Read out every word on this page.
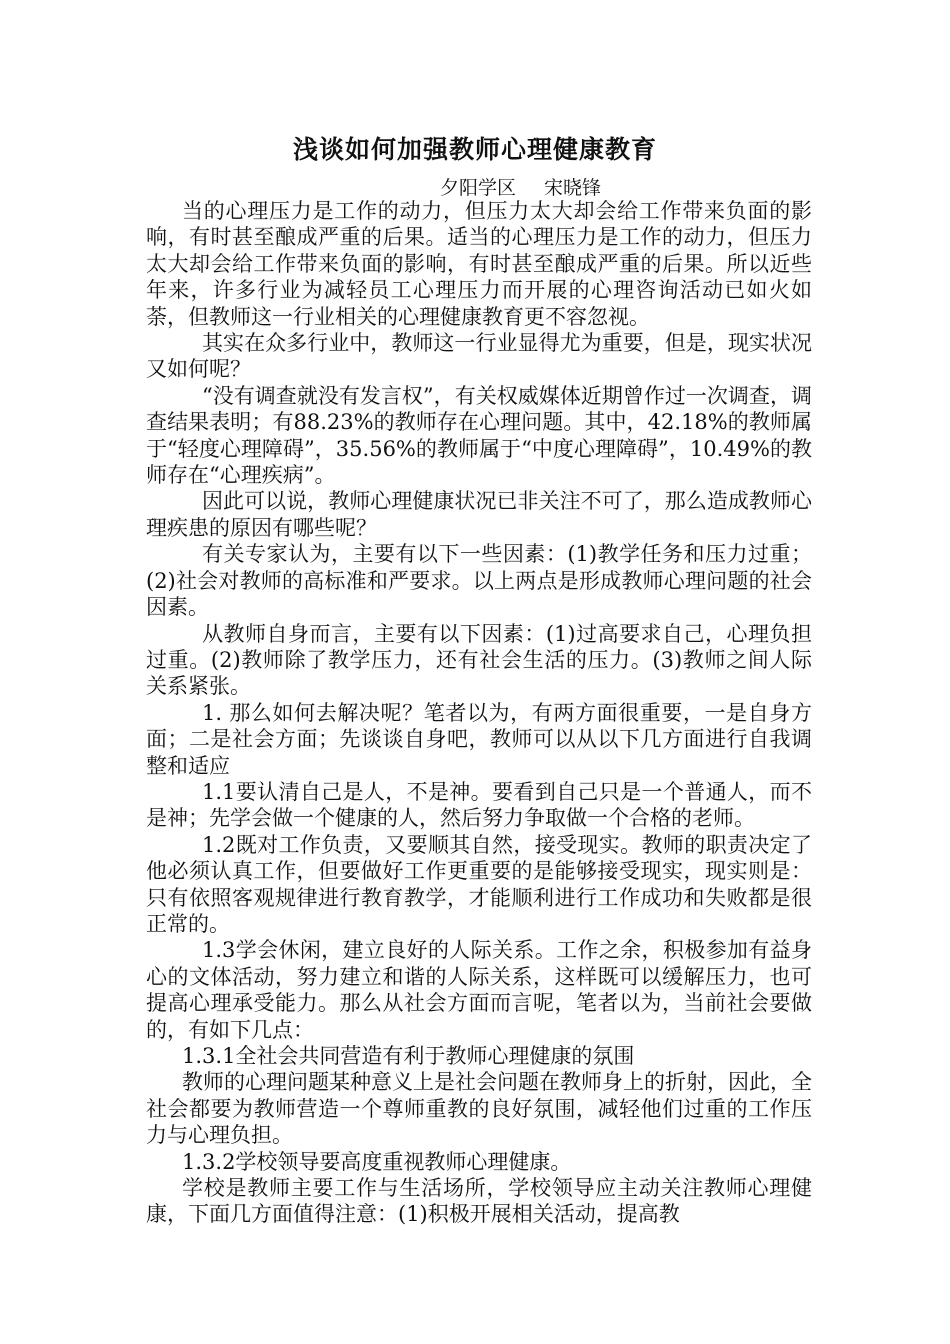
浅谈如何加强教师心理健康教育
夕阳学区 宋晓锋

当的心理压力是工作的动力，但压力太大却会给工作带来负面的影响，有时甚至酿成严重的后果。适当的心理压力是工作的动力，但压力太大却会给工作带来负面的影响，有时甚至酿成严重的后果。所以近些年来，许多行业为减轻员工心理压力而开展的心理咨询活动已如火如荼，但教师这一行业相关的心理健康教育更不容忽视。

其实在众多行业中，教师这一行业显得尤为重要，但是，现实状况又如何呢？

“没有调查就没有发言权”，有关权威媒体近期曾作过一次调查，调查结果表明；有88.23%的教师存在心理问题。其中，42.18%的教师属于“轻度心理障碍”，35.56%的教师属于“中度心理障碍”，10.49%的教师存在“心理疾病”。

因此可以说，教师心理健康状况已非关注不可了，那么造成教师心理疾患的原因有哪些呢？

有关专家认为，主要有以下一些因素：(1)教学任务和压力过重；(2)社会对教师的高标准和严要求。以上两点是形成教师心理问题的社会因素。

从教师自身而言，主要有以下因素：(1)过高要求自己，心理负担过重。(2)教师除了教学压力，还有社会生活的压力。(3)教师之间人际关系紧张。

1. 那么如何去解决呢？笔者以为，有两方面很重要，一是自身方面；二是社会方面；先谈谈自身吧，教师可以从以下几方面进行自我调整和适应

1.1要认清自己是人，不是神。要看到自己只是一个普通人，而不是神；先学会做一个健康的人，然后努力争取做一个合格的老师。

1.2既对工作负责，又要顺其自然，接受现实。教师的职责决定了他必须认真工作，但要做好工作更重要的是能够接受现实，现实则是：只有依照客观规律进行教育教学，才能顺利进行工作成功和失败都是很正常的。

1.3学会休闲，建立良好的人际关系。工作之余，积极参加有益身心的文体活动，努力建立和谐的人际关系，这样既可以缓解压力，也可提高心理承受能力。那么从社会方面而言呢，笔者以为，当前社会要做的，有如下几点：

1.3.1全社会共同营造有利于教师心理健康的氛围

教师的心理问题某种意义上是社会问题在教师身上的折射，因此，全社会都要为教师营造一个尊师重教的良好氛围，减轻他们过重的工作压力与心理负担。

1.3.2学校领导要高度重视教师心理健康。

学校是教师主要工作与生活场所，学校领导应主动关注教师心理健康，下面几方面值得注意：(1)积极开展相关活动，提高教
